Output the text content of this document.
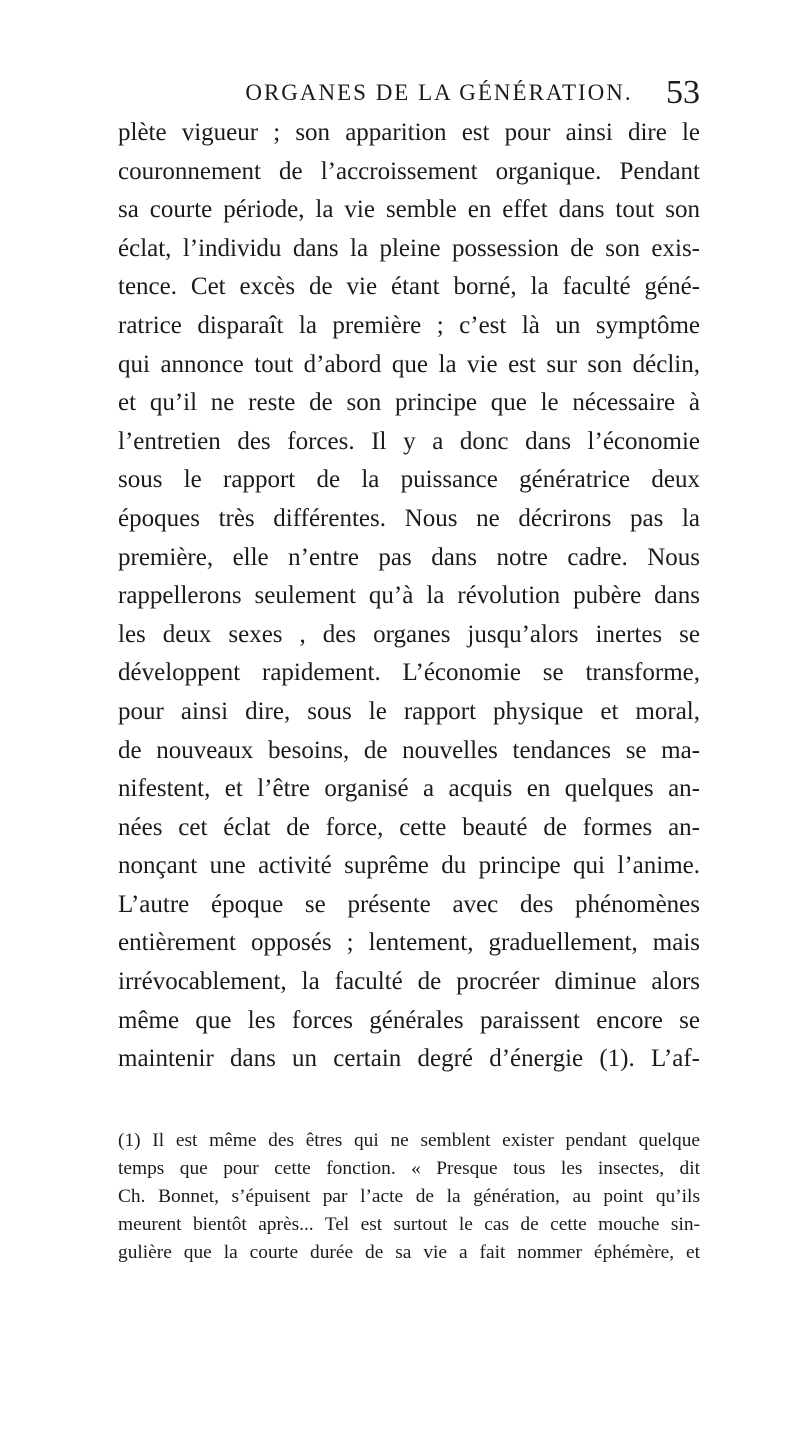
ORGANES DE LA GÉNÉRATION. 53
plète vigueur ; son apparition est pour ainsi dire le
couronnement de l’accroissement organique. Pendant
sa courte période, la vie semble en effet dans tout son
éclat, l’individu dans la pleine possession de son exis-
tence. Cet excès de vie étant borné, la faculté géné-
ratrice disparaît la première ; c’est là un symptôme
qui annonce tout d’abord que la vie est sur son déclin,
et qu’il ne reste de son principe que le nécessaire à
l’entretien des forces. Il y a donc dans l’économie
sous le rapport de la puissance génératrice deux
époques très différentes. Nous ne décrirons pas la
première, elle n’entre pas dans notre cadre. Nous
rappellerons seulement qu’à la révolution pubère dans
les deux sexes , des organes jusqu’alors inertes se
développent rapidement. L’économie se transforme,
pour ainsi dire, sous le rapport physique et moral,
de nouveaux besoins, de nouvelles tendances se ma-
nifestent, et l’être organisé a acquis en quelques an-
nées cet éclat de force, cette beauté de formes an-
nonçant une activité suprême du principe qui l’anime.
L’autre époque se présente avec des phénomènes
entièrement opposés ; lentement, graduellement, mais
irrévocablement, la faculté de procréer diminue alors
même que les forces générales paraissent encore se
maintenir dans un certain degré d’énergie (1). L’af-
(1) Il est même des êtres qui ne semblent exister pendant quelque
temps que pour cette fonction. « Presque tous les insectes, dit
Ch. Bonnet, s’épuisent par l’acte de la génération, au point qu’ils
meurent bientôt après... Tel est surtout le cas de cette mouche sin-
gulière que la courte durée de sa vie a fait nommer éphémère, et
